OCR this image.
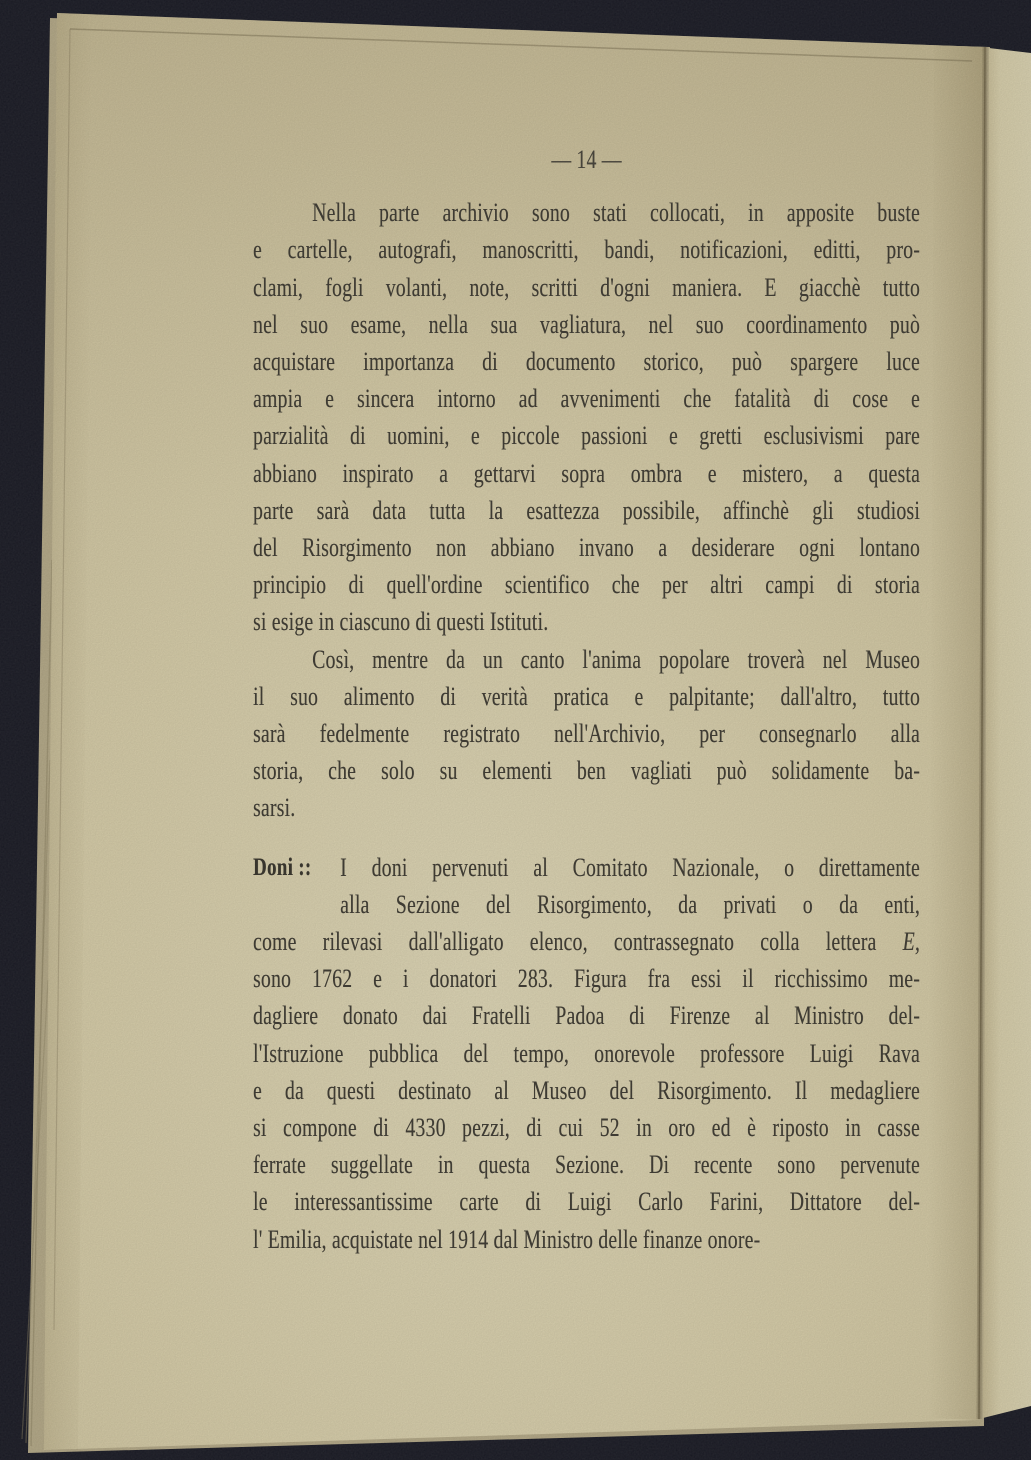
— 14 —
Nella parte archivio sono stati collocati, in apposite buste
e cartelle, autografi, manoscritti, bandi, notificazioni, editti, pro-
clami, fogli volanti, note, scritti d'ogni maniera. E giacchè tutto
nel suo esame, nella sua vagliatura, nel suo coordinamento può
acquistare importanza di documento storico, può spargere luce
ampia e sincera intorno ad avvenimenti che fatalità di cose e
parzialità di uomini, e piccole passioni e gretti esclusivismi pare
abbiano inspirato a gettarvi sopra ombra e mistero, a questa
parte sarà data tutta la esattezza possibile, affinchè gli studiosi
del Risorgimento non abbiano invano a desiderare ogni lontano
principio di quell'ordine scientifico che per altri campi di storia
si esige in ciascuno di questi Istituti.
Così, mentre da un canto l'anima popolare troverà nel Museo
il suo alimento di verità pratica e palpitante; dall'altro, tutto
sarà fedelmente registrato nell'Archivio, per consegnarlo alla
storia, che solo su elementi ben vagliati può solidamente ba-
sarsi.
Doni :: I doni pervenuti al Comitato Nazionale, o direttamente
alla Sezione del Risorgimento, da privati o da enti,
come rilevasi dall'alligato elenco, contrassegnato colla lettera E,
sono 1762 e i donatori 283. Figura fra essi il ricchissimo me-
dagliere donato dai Fratelli Padoa di Firenze al Ministro del-
l'Istruzione pubblica del tempo, onorevole professore Luigi Rava
e da questi destinato al Museo del Risorgimento. Il medagliere
si compone di 4330 pezzi, di cui 52 in oro ed è riposto in casse
ferrate suggellate in questa Sezione. Di recente sono pervenute
le interessantissime carte di Luigi Carlo Farini, Dittatore del-
l' Emilia, acquistate nel 1914 dal Ministro delle finanze onore-
